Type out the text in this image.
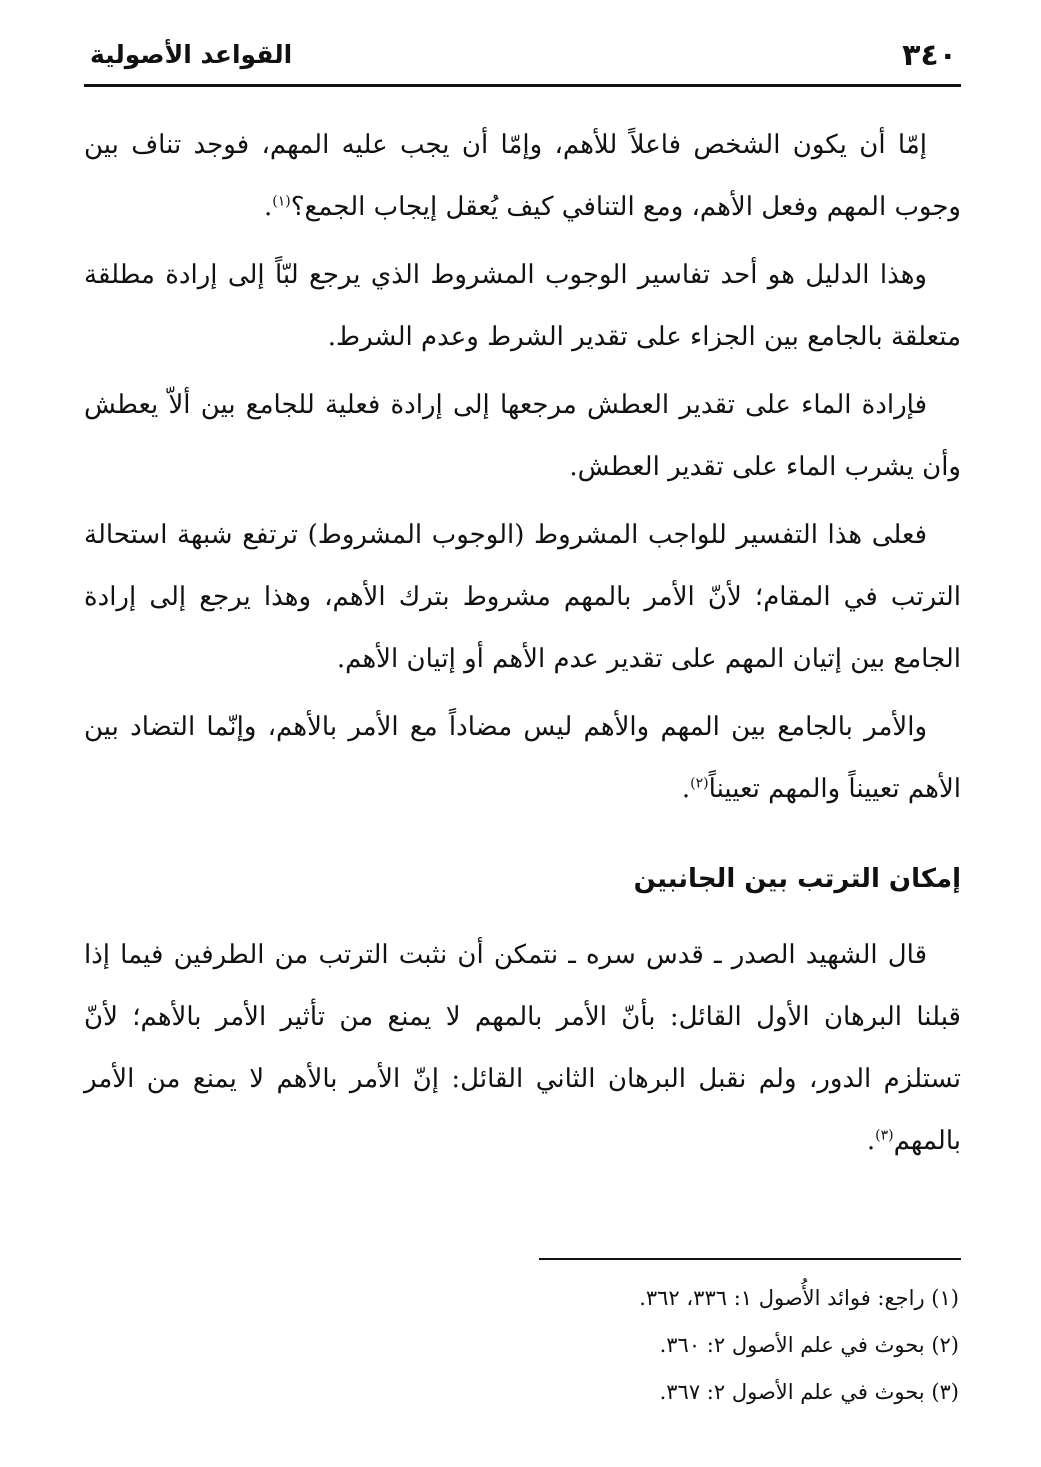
٣٤٠
القواعد الأصولية

إمّا أن يكون الشخص فاعلاً للأهم، وإمّا أن يجب عليه المهم، فوجد تناف بين وجوب المهم وفعل الأهم، ومع التنافي كيف يُعقل إيجاب الجمع؟$^{(١)}$.

وهذا الدليل هو أحد تفاسير الوجوب المشروط الذي يرجع لبّاً إلى إرادة مطلقة متعلقة بالجامع بين الجزاء على تقدير الشرط وعدم الشرط.

فإرادة الماء على تقدير العطش مرجعها إلى إرادة فعلية للجامع بين ألاّ يعطش وأن يشرب الماء على تقدير العطش.

فعلى هذا التفسير للواجب المشروط (الوجوب المشروط) ترتفع شبهة استحالة الترتب في المقام؛ لأنّ الأمر بالمهم مشروط بترك الأهم، وهذا يرجع إلى إرادة الجامع بين إتيان المهم على تقدير عدم الأهم أو إتيان الأهم.

والأمر بالجامع بين المهم والأهم ليس مضاداً مع الأمر بالأهم، وإنّما التضاد بين الأهم تعييناً والمهم تعييناً$^{(٢)}$.

إمكان الترتب بين الجانبين

قال الشهيد الصدر ـ قدس سره ـ نتمكن أن نثبت الترتب من الطرفين فيما إذا قبلنا البرهان الأول القائل: بأنّ الأمر بالمهم لا يمنع من تأثير الأمر بالأهم؛ لأنّ تستلزم الدور، ولم نقبل البرهان الثاني القائل: إنّ الأمر بالأهم لا يمنع من الأمر بالمهم$^{(٣)}$.

(١) راجع: فوائد الأُصول ١: ٣٣٦، ٣٦٢.
(٢) بحوث في علم الأصول ٢: ٣٦٠.
(٣) بحوث في علم الأصول ٢: ٣٦٧.
